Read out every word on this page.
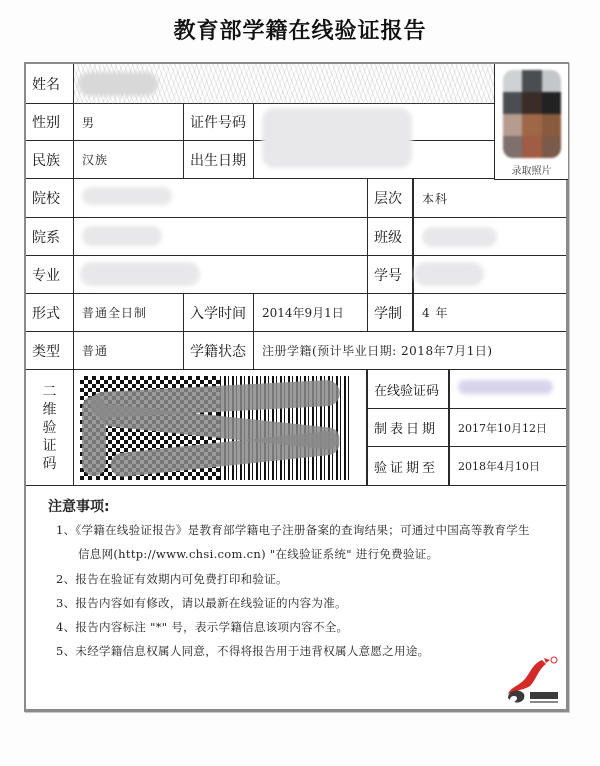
教育部学籍在线验证报告
姓名
录取照片
性别	男	证件号码
民族	汉族	出生日期
院校	层次	本科
院系	班级
专业	学号
形式	普通全日制	入学时间	2014年9月1日	学制	4 年
类型	普通	学籍状态	注册学籍(预计毕业日期: 2018年7月1日)
二
维
验
证
码
在线验证码
制表日期	2017年10月12日
验证期至	2018年4月10日
注意事项:
1、《学籍在线验证报告》是教育部学籍电子注册备案的查询结果；可通过中国高等教育学生
信息网(http://www.chsi.com.cn) "在线验证系统" 进行免费验证。
2、报告在验证有效期内可免费打印和验证。
3、报告内容如有修改，请以最新在线验证的内容为准。
4、报告内容标注 "*" 号，表示学籍信息该项内容不全。
5、未经学籍信息权属人同意，不得将报告用于违背权属人意愿之用途。
